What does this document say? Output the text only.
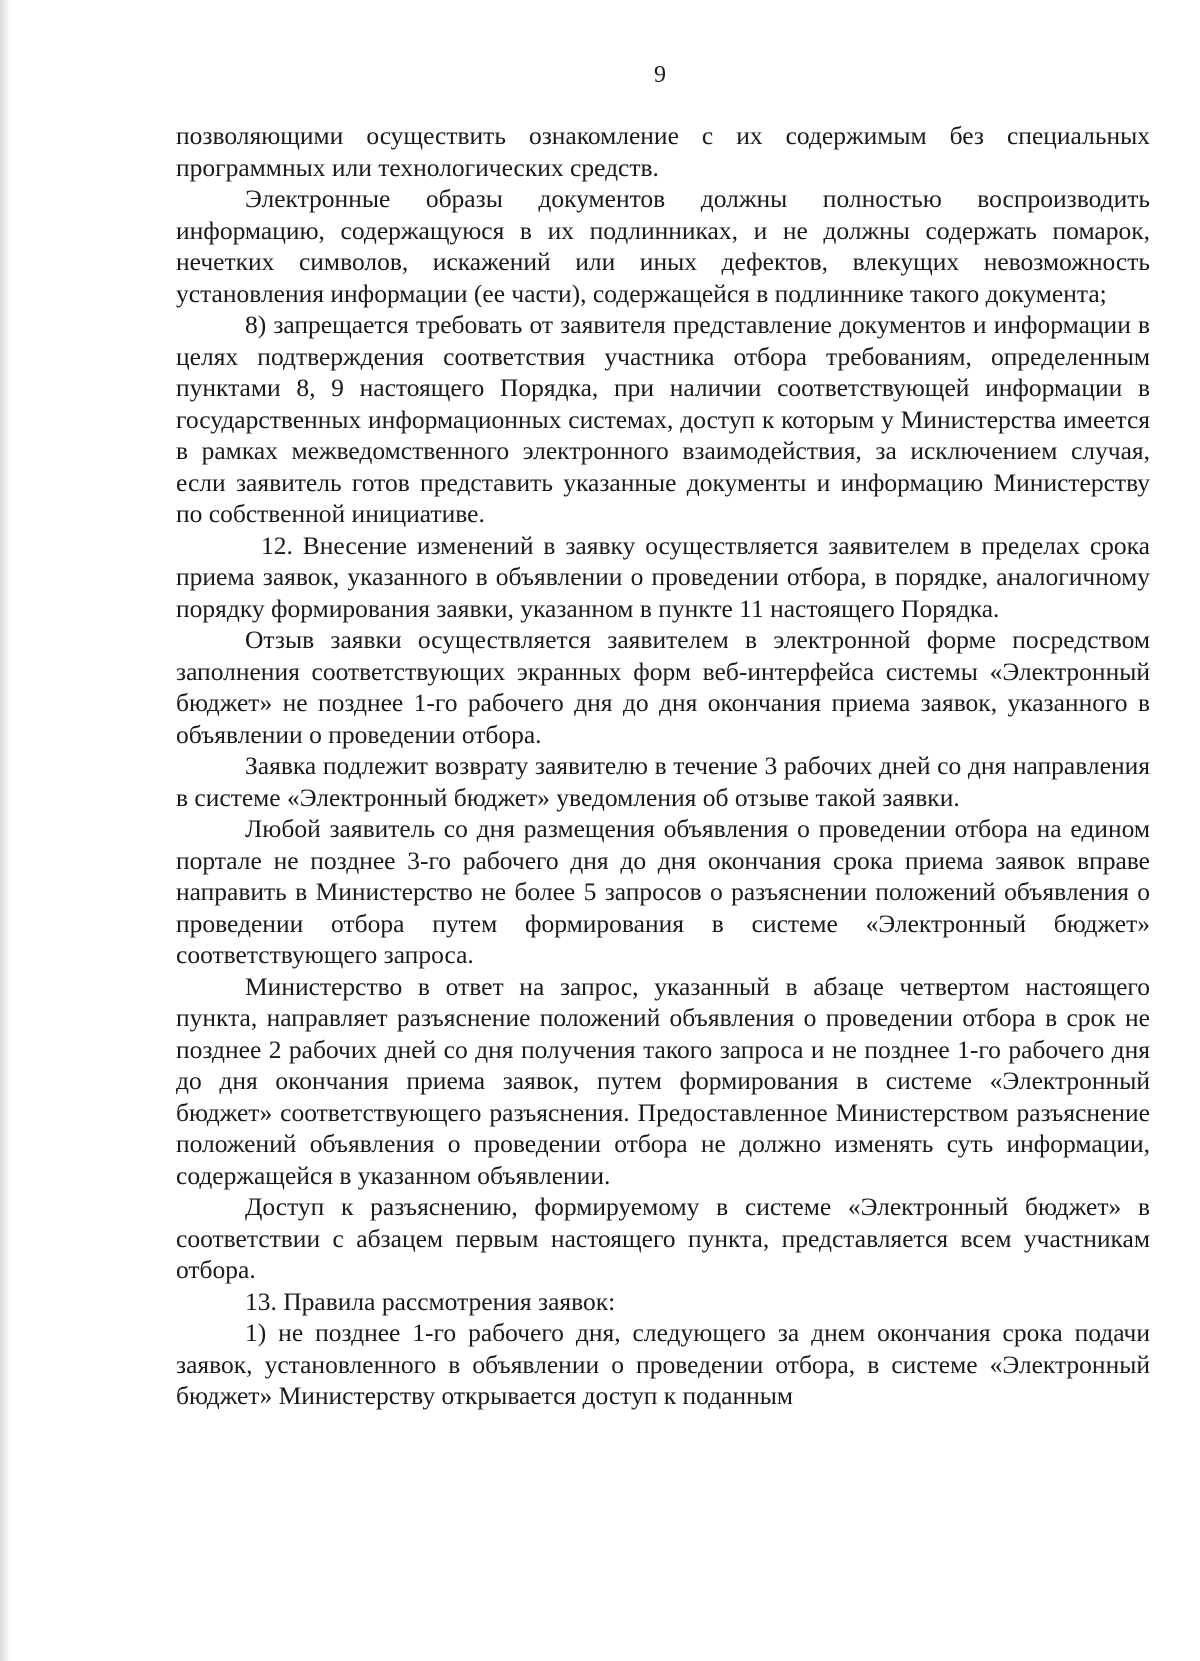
9

позволяющими осуществить ознакомление с их содержимым без специальных программных или технологических средств.

Электронные образы документов должны полностью воспроизводить информацию, содержащуюся в их подлинниках, и не должны содержать помарок, нечетких символов, искажений или иных дефектов, влекущих невозможность установления информации (ее части), содержащейся в подлиннике такого документа;

8) запрещается требовать от заявителя представление документов и информации в целях подтверждения соответствия участника отбора требованиям, определенным пунктами 8, 9 настоящего Порядка, при наличии соответствующей информации в государственных информационных системах, доступ к которым у Министерства имеется в рамках межведомственного электронного взаимодействия, за исключением случая, если заявитель готов представить указанные документы и информацию Министерству по собственной инициативе.

12. Внесение изменений в заявку осуществляется заявителем в пределах срока приема заявок, указанного в объявлении о проведении отбора, в порядке, аналогичному порядку формирования заявки, указанном в пункте 11 настоящего Порядка.

Отзыв заявки осуществляется заявителем в электронной форме посредством заполнения соответствующих экранных форм веб-интерфейса системы «Электронный бюджет» не позднее 1-го рабочего дня до дня окончания приема заявок, указанного в объявлении о проведении отбора.

Заявка подлежит возврату заявителю в течение 3 рабочих дней со дня направления в системе «Электронный бюджет» уведомления об отзыве такой заявки.

Любой заявитель со дня размещения объявления о проведении отбора на едином портале не позднее 3-го рабочего дня до дня окончания срока приема заявок вправе направить в Министерство не более 5 запросов о разъяснении положений объявления о проведении отбора путем формирования в системе «Электронный бюджет» соответствующего запроса.

Министерство в ответ на запрос, указанный в абзаце четвертом настоящего пункта, направляет разъяснение положений объявления о проведении отбора в срок не позднее 2 рабочих дней со дня получения такого запроса и не позднее 1-го рабочего дня до дня окончания приема заявок, путем формирования в системе «Электронный бюджет» соответствующего разъяснения. Предоставленное Министерством разъяснение положений объявления о проведении отбора не должно изменять суть информации, содержащейся в указанном объявлении.

Доступ к разъяснению, формируемому в системе «Электронный бюджет» в соответствии с абзацем первым настоящего пункта, представляется всем участникам отбора.

13. Правила рассмотрения заявок:

1) не позднее 1-го рабочего дня, следующего за днем окончания срока подачи заявок, установленного в объявлении о проведении отбора, в системе «Электронный бюджет» Министерству открывается доступ к поданным
